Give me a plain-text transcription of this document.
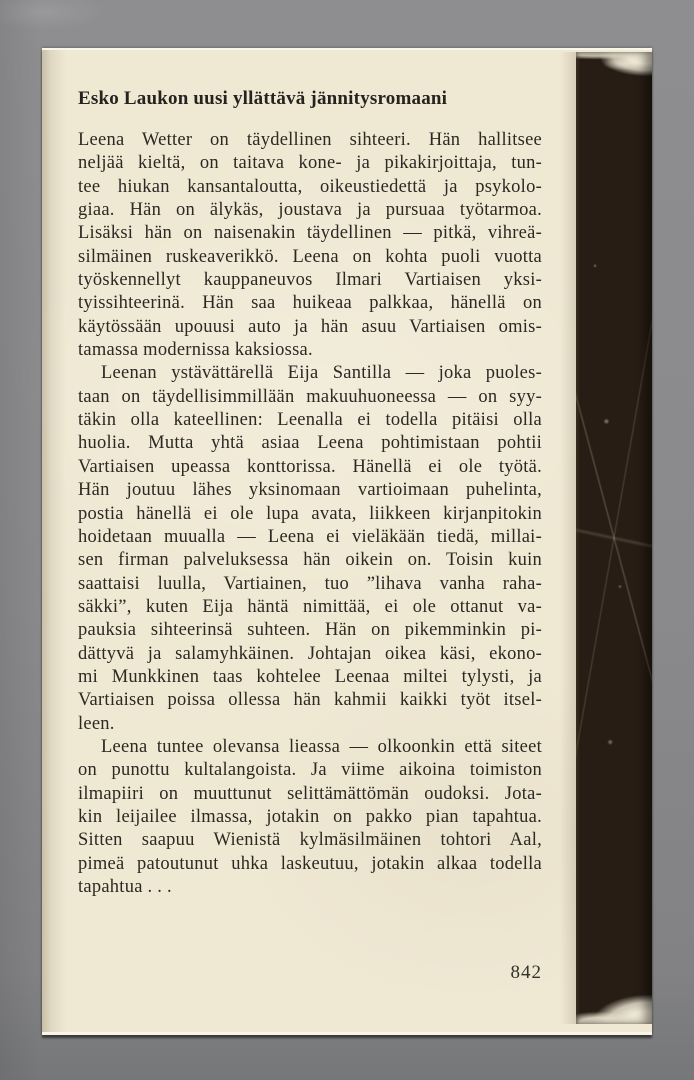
Esko Laukon uusi yllättävä jännitysromaani
Leena Wetter on täydellinen sihteeri. Hän hallitsee
neljää kieltä, on taitava kone- ja pikakirjoittaja, tun-
tee hiukan kansantaloutta, oikeustiedettä ja psykolo-
giaa. Hän on älykäs, joustava ja pursuaa työtarmoa.
Lisäksi hän on naisenakin täydellinen — pitkä, vihreä-
silmäinen ruskeaverikkö. Leena on kohta puoli vuotta
työskennellyt kauppaneuvos Ilmari Vartiaisen yksi-
tyissihteerinä. Hän saa huikeaa palkkaa, hänellä on
käytössään upouusi auto ja hän asuu Vartiaisen omis-
tamassa modernissa kaksiossa.
Leenan ystävättärellä Eija Santilla — joka puoles-
taan on täydellisimmillään makuuhuoneessa — on syy-
täkin olla kateellinen: Leenalla ei todella pitäisi olla
huolia. Mutta yhtä asiaa Leena pohtimistaan pohtii
Vartiaisen upeassa konttorissa. Hänellä ei ole työtä.
Hän joutuu lähes yksinomaan vartioimaan puhelinta,
postia hänellä ei ole lupa avata, liikkeen kirjanpitokin
hoidetaan muualla — Leena ei vieläkään tiedä, millai-
sen firman palveluksessa hän oikein on. Toisin kuin
saattaisi luulla, Vartiainen, tuo ”lihava vanha raha-
säkki”, kuten Eija häntä nimittää, ei ole ottanut va-
pauksia sihteerinsä suhteen. Hän on pikemminkin pi-
dättyvä ja salamyhkäinen. Johtajan oikea käsi, ekono-
mi Munkkinen taas kohtelee Leenaa miltei tylysti, ja
Vartiaisen poissa ollessa hän kahmii kaikki työt itsel-
leen.
Leena tuntee olevansa lieassa — olkoonkin että siteet
on punottu kultalangoista. Ja viime aikoina toimiston
ilmapiiri on muuttunut selittämättömän oudoksi. Jota-
kin leijailee ilmassa, jotakin on pakko pian tapahtua.
Sitten saapuu Wienistä kylmäsilmäinen tohtori Aal,
pimeä patoutunut uhka laskeutuu, jotakin alkaa todella
tapahtua . . .
842
